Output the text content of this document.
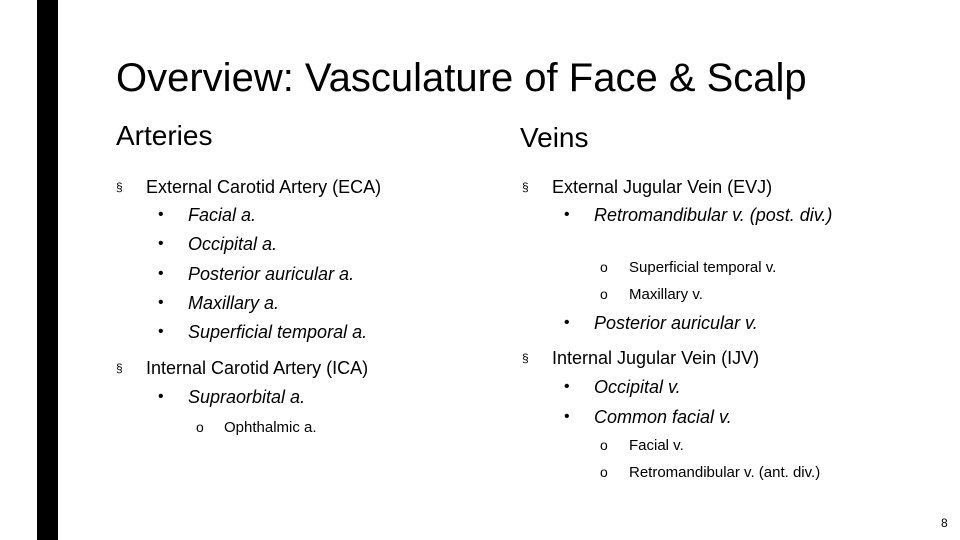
Overview: Vasculature of Face & Scalp
Arteries	Veins
§ External Carotid Artery (ECA)
• Facial a.
• Occipital a.
• Posterior auricular a.
• Maxillary a.
• Superficial temporal a.
§ Internal Carotid Artery (ICA)
• Supraorbital a.
o Ophthalmic a.
§ External Jugular Vein (EVJ)
• Retromandibular v. (post. div.)
o Superficial temporal v.
o Maxillary v.
• Posterior auricular v.
§ Internal Jugular Vein (IJV)
• Occipital v.
• Common facial v.
o Facial v.
o Retromandibular v. (ant. div.)
8
